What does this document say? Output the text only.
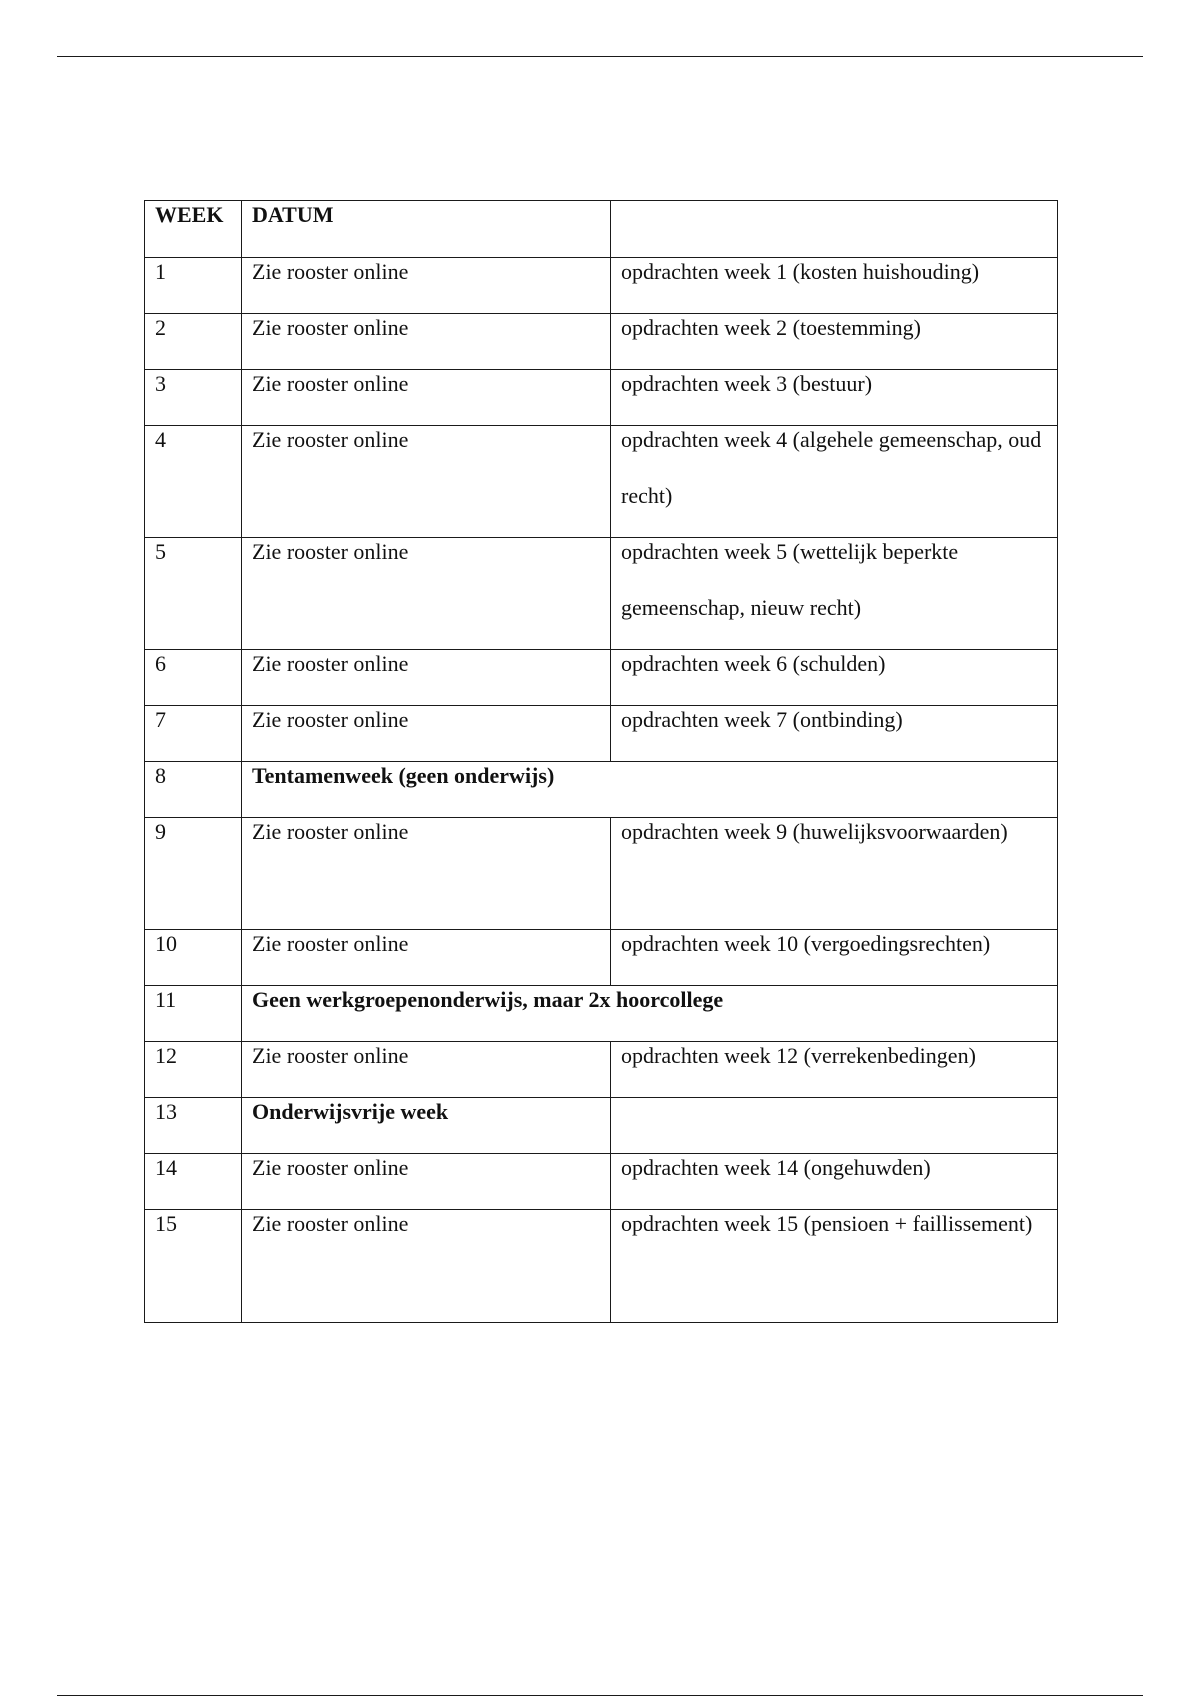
WEEK	DATUM	

1	Zie rooster online	opdrachten week 1 (kosten huishouding)

2	Zie rooster online	opdrachten week 2 (toestemming)

3	Zie rooster online	opdrachten week 3 (bestuur)

4	Zie rooster online	opdrachten week 4 (algehele gemeenschap, oud recht)

5	Zie rooster online	opdrachten week 5 (wettelijk beperkte gemeenschap, nieuw recht)

6	Zie rooster online	opdrachten week 6 (schulden)

7	Zie rooster online	opdrachten week 7 (ontbinding)

8	Tentamenweek (geen onderwijs)	

9	Zie rooster online	opdrachten week 9 (huwelijksvoorwaarden)

10	Zie rooster online	opdrachten week 10 (vergoedingsrechten)

11	Geen werkgroepenonderwijs, maar 2x hoorcollege	

12	Zie rooster online	opdrachten week 12 (verrekenbedingen)

13	Onderwijsvrije week	

14	Zie rooster online	opdrachten week 14 (ongehuwden)

15	Zie rooster online	opdrachten week 15 (pensioen + faillissement)
